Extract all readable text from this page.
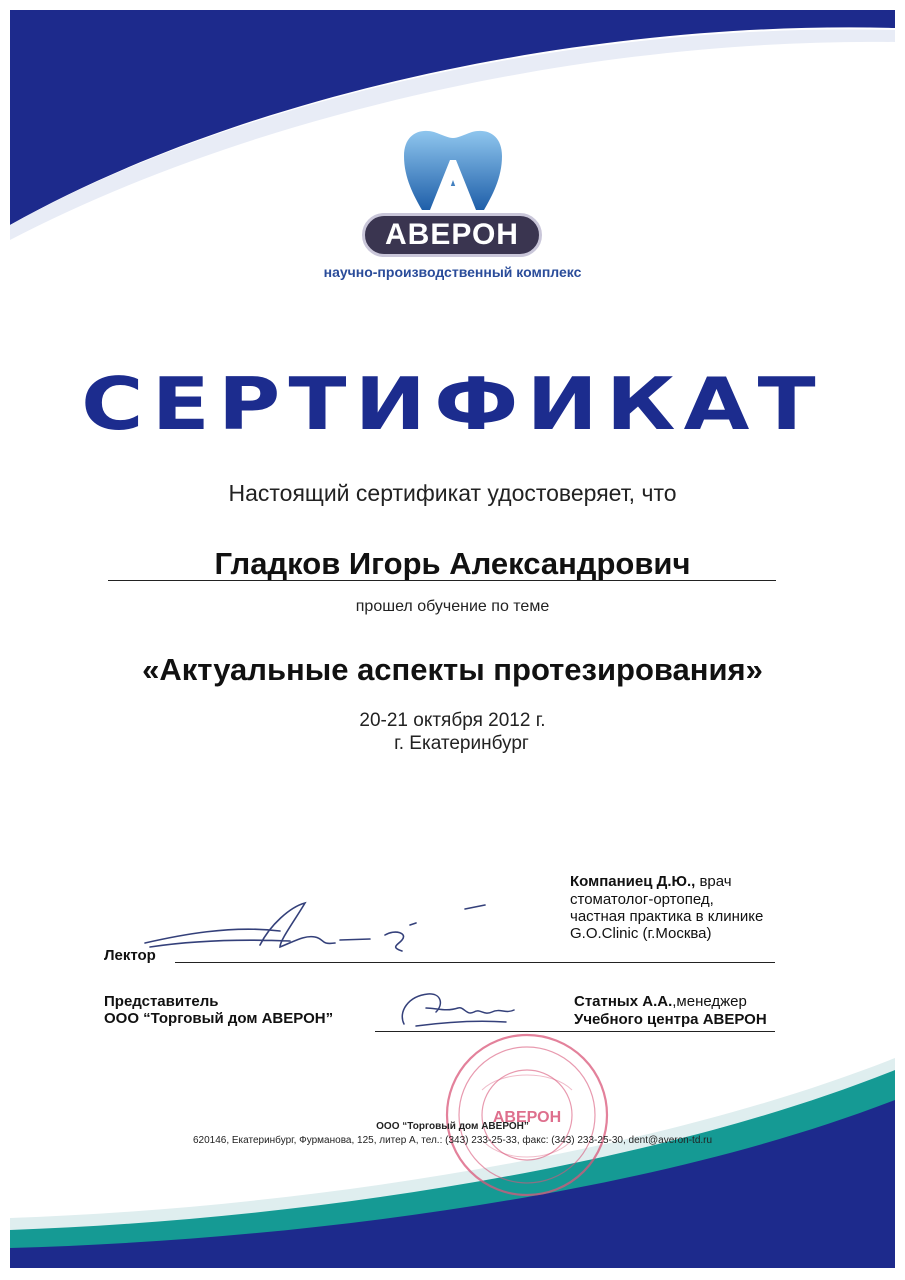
АВЕРОН
научно-производственный комплекс
СЕРТИФИКАТ
Настоящий сертификат удостоверяет, что
Гладков Игорь Александрович
прошел обучение по теме
«Актуальные аспекты протезирования»
20-21 октября 2012 г.
г. Екатеринбург
Компаниец Д.Ю., врач
стоматолог-ортопед,
частная практика в клинике
G.O.Clinic (г.Москва)
Лектор
Представитель
ООО “Торговый дом АВЕРОН”
Статных А.А.,менеджер
Учебного центра АВЕРОН
АВЕРОН
ООО “Торговый дом АВЕРОН”
620146, Екатеринбург, Фурманова, 125, литер А, тел.: (343) 233-25-33, факс: (343) 233-25-30, dent@averon-td.ru
